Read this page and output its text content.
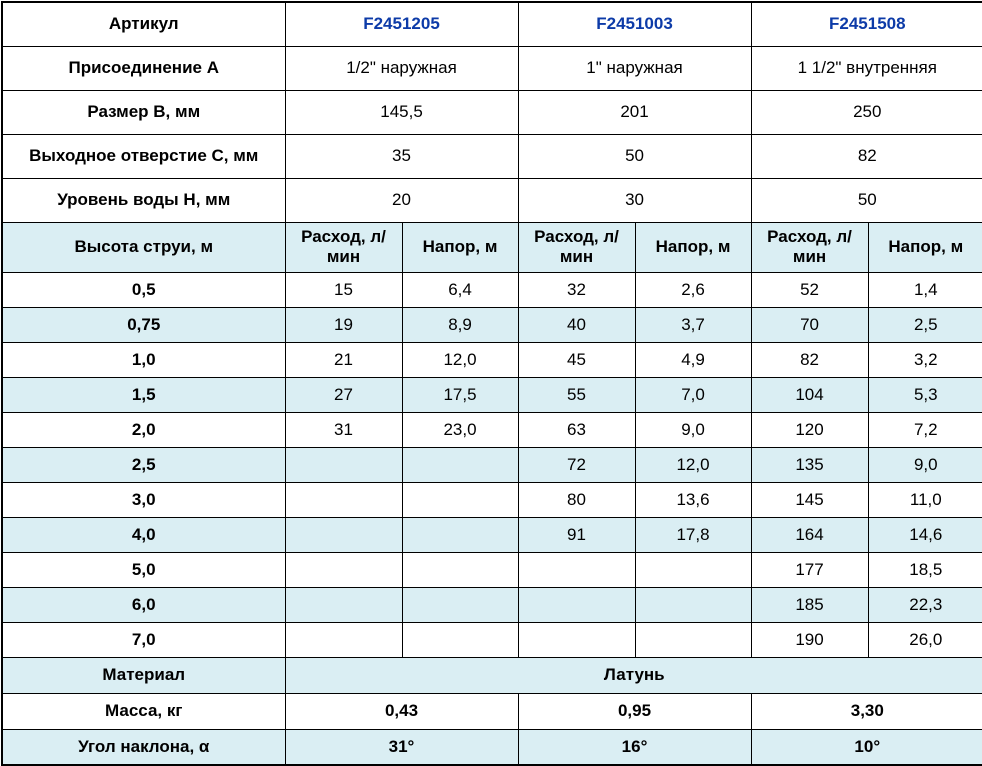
Артикул	F2451205		F2451003		F2451508	
Присоединение A	1/2" наружная		1" наружная		1 1/2" внутренняя	
Размер B, мм	145,5		201		250	
Выходное отверстие C, мм	35		50		82	
Уровень воды H, мм	20		30		50	
Высота струи, м	Расход, л/мин	Напор, м	Расход, л/мин	Напор, м	Расход, л/мин	Напор, м
0,5	15	6,4	32	2,6	52	1,4
0,75	19	8,9	40	3,7	70	2,5
1,0	21	12,0	45	4,9	82	3,2
1,5	27	17,5	55	7,0	104	5,3
2,0	31	23,0	63	9,0	120	7,2
2,5			72	12,0	135	9,0
3,0			80	13,6	145	11,0
4,0			91	17,8	164	14,6
5,0					177	18,5
6,0					185	22,3
7,0					190	26,0
Материал	Латунь					
Масса, кг	0,43		0,95		3,30	
Угол наклона, α	31°		16°		10°	
